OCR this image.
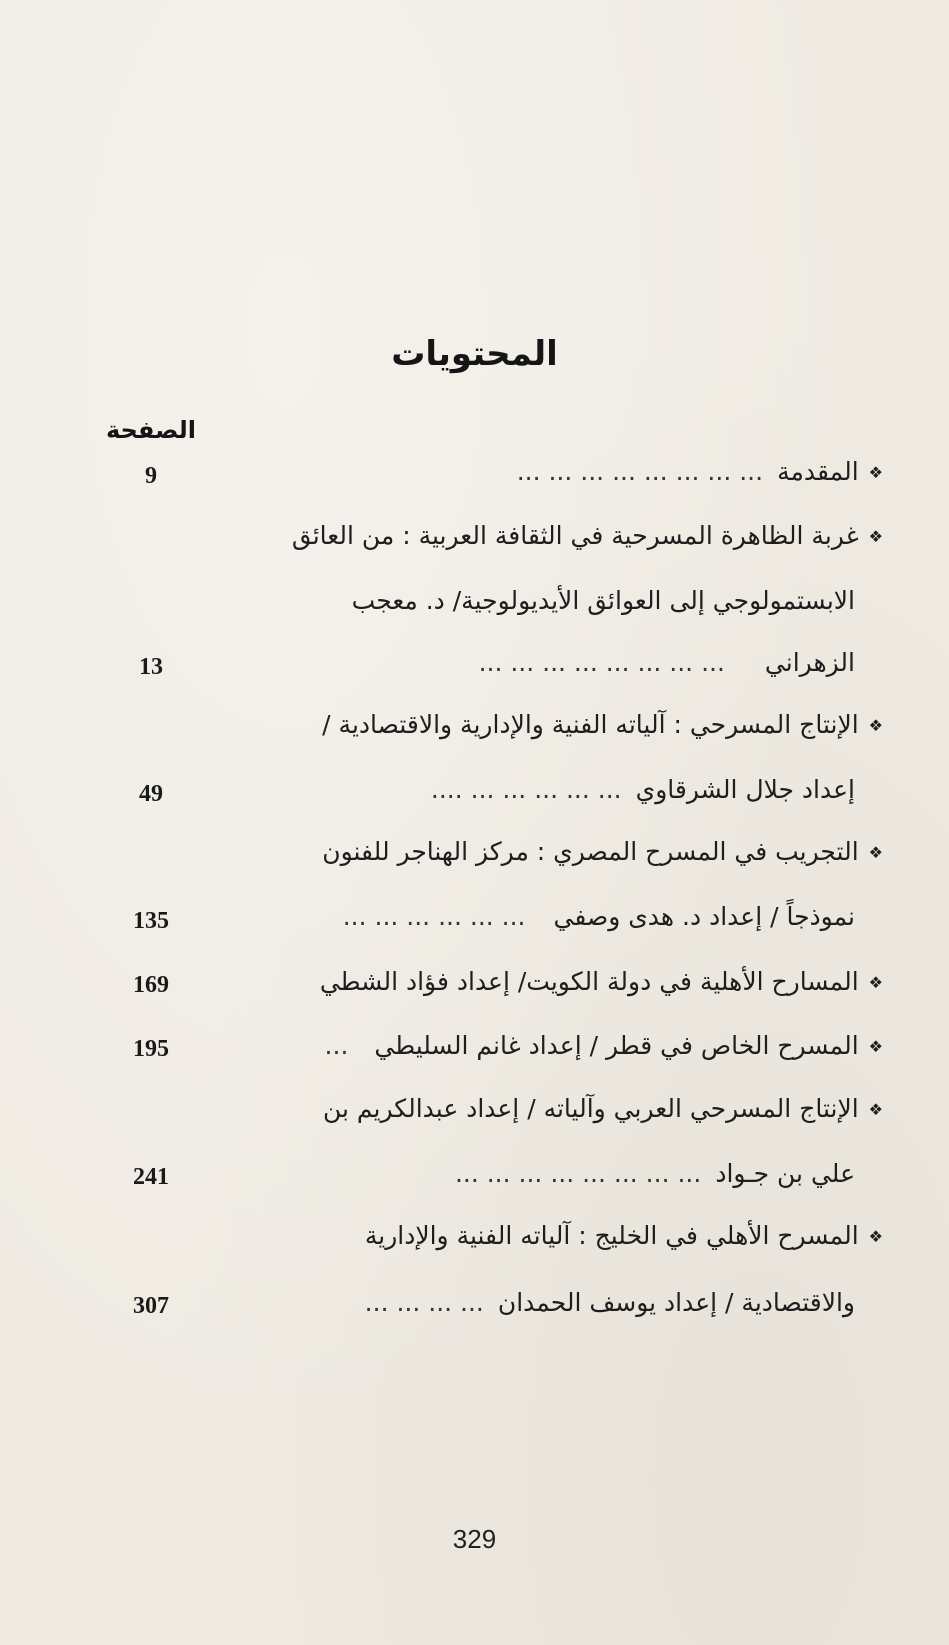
المحتويات
الصفحة
❖المقدمة... ... ... ... ... ... ... ...
9
❖غربة الظاهرة المسرحية في الثقافة العربية : من العائق
الابستمولوجي إلى العوائق الأيديولوجية/ د. معجب
الزهراني... ... ... ... ... ... ... ...
13
❖الإنتاج المسرحي : آلياته الفنية والإدارية والاقتصادية /
إعداد جلال الشرقاوي... ... ... ... ... ....
49
❖التجريب في المسرح المصري : مركز الهناجر للفنون
نموذجاً / إعداد د. هدى وصفي... ... ... ... ... ...
135
❖المسارح الأهلية في دولة الكويت/ إعداد فؤاد الشطي
169
❖المسرح الخاص في قطر / إعداد غانم السليطي...
195
❖الإنتاج المسرحي العربي وآلياته / إعداد عبدالكريم بن
علي بن جـواد... ... ... ... ... ... ... ...
241
❖المسرح الأهلي في الخليج : آلياته الفنية والإدارية
والاقتصادية / إعداد يوسف الحمدان... ... ... ...
307
329
